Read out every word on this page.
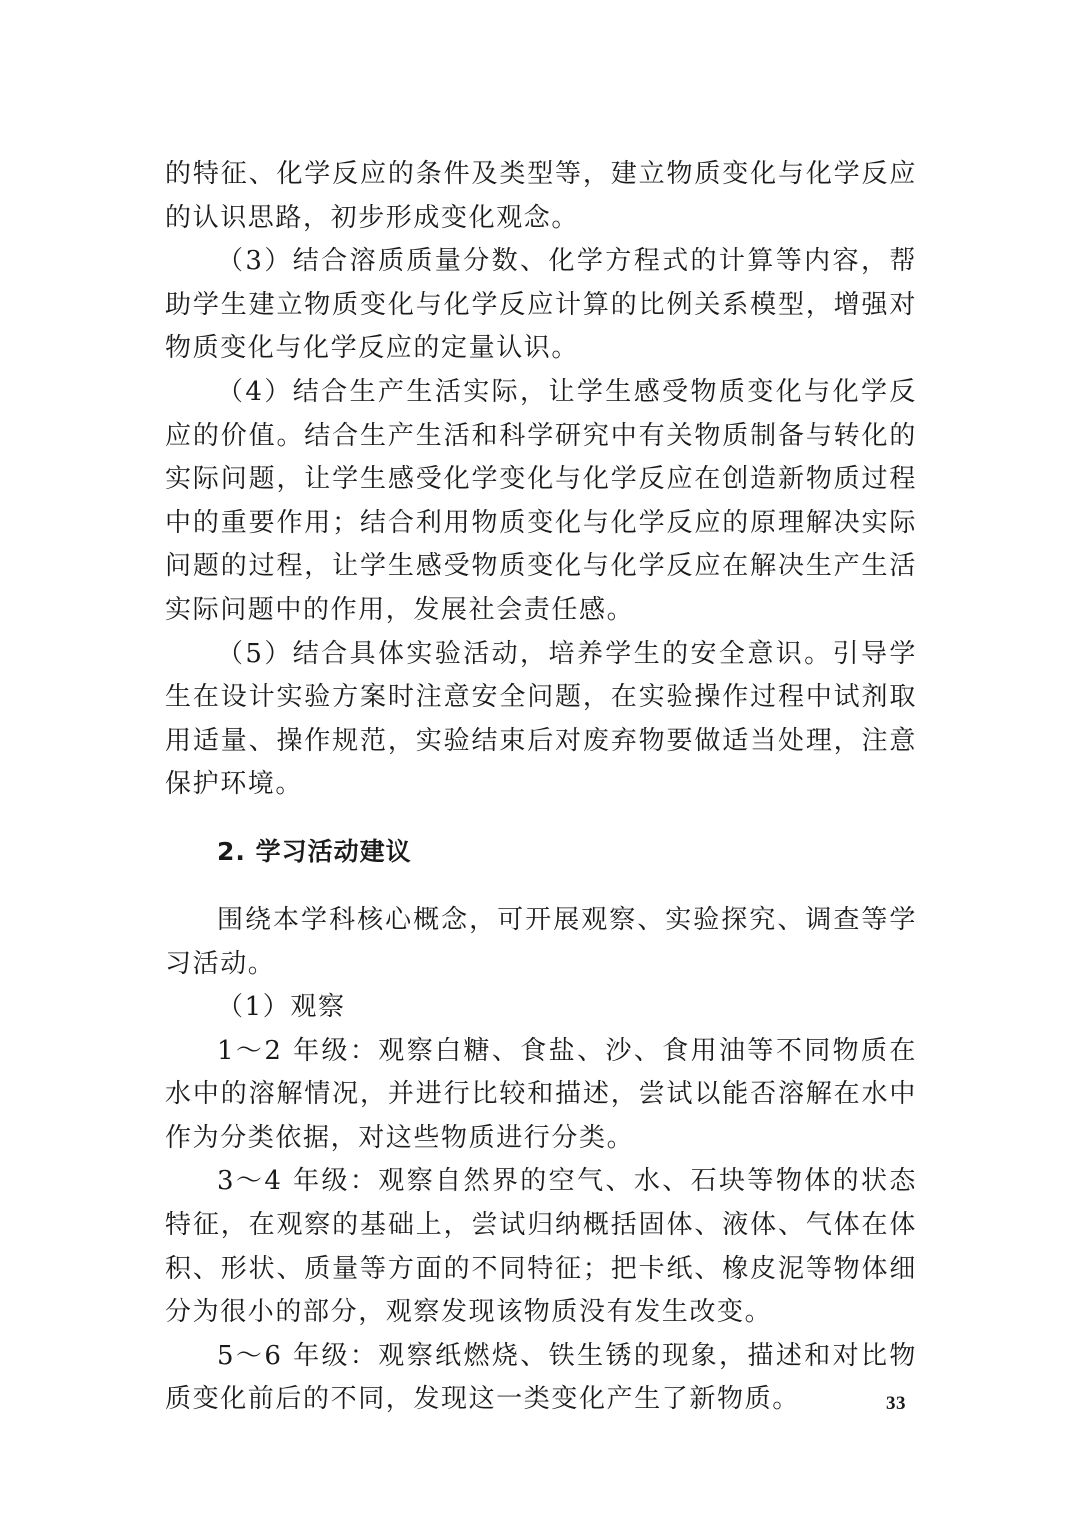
的特征、化学反应的条件及类型等，建立物质变化与化学反应的认识思路，初步形成变化观念。

（3）结合溶质质量分数、化学方程式的计算等内容，帮助学生建立物质变化与化学反应计算的比例关系模型，增强对物质变化与化学反应的定量认识。

（4）结合生产生活实际，让学生感受物质变化与化学反应的价值。结合生产生活和科学研究中有关物质制备与转化的实际问题，让学生感受化学变化与化学反应在创造新物质过程中的重要作用；结合利用物质变化与化学反应的原理解决实际问题的过程，让学生感受物质变化与化学反应在解决生产生活实际问题中的作用，发展社会责任感。

（5）结合具体实验活动，培养学生的安全意识。引导学生在设计实验方案时注意安全问题，在实验操作过程中试剂取用适量、操作规范，实验结束后对废弃物要做适当处理，注意保护环境。

2. 学习活动建议

围绕本学科核心概念，可开展观察、实验探究、调查等学习活动。

（1）观察

1～2 年级：观察白糖、食盐、沙、食用油等不同物质在水中的溶解情况，并进行比较和描述，尝试以能否溶解在水中作为分类依据，对这些物质进行分类。

3～4 年级：观察自然界的空气、水、石块等物体的状态特征，在观察的基础上，尝试归纳概括固体、液体、气体在体积、形状、质量等方面的不同特征；把卡纸、橡皮泥等物体细分为很小的部分，观察发现该物质没有发生改变。

5～6 年级：观察纸燃烧、铁生锈的现象，描述和对比物质变化前后的不同，发现这一类变化产生了新物质。	33
